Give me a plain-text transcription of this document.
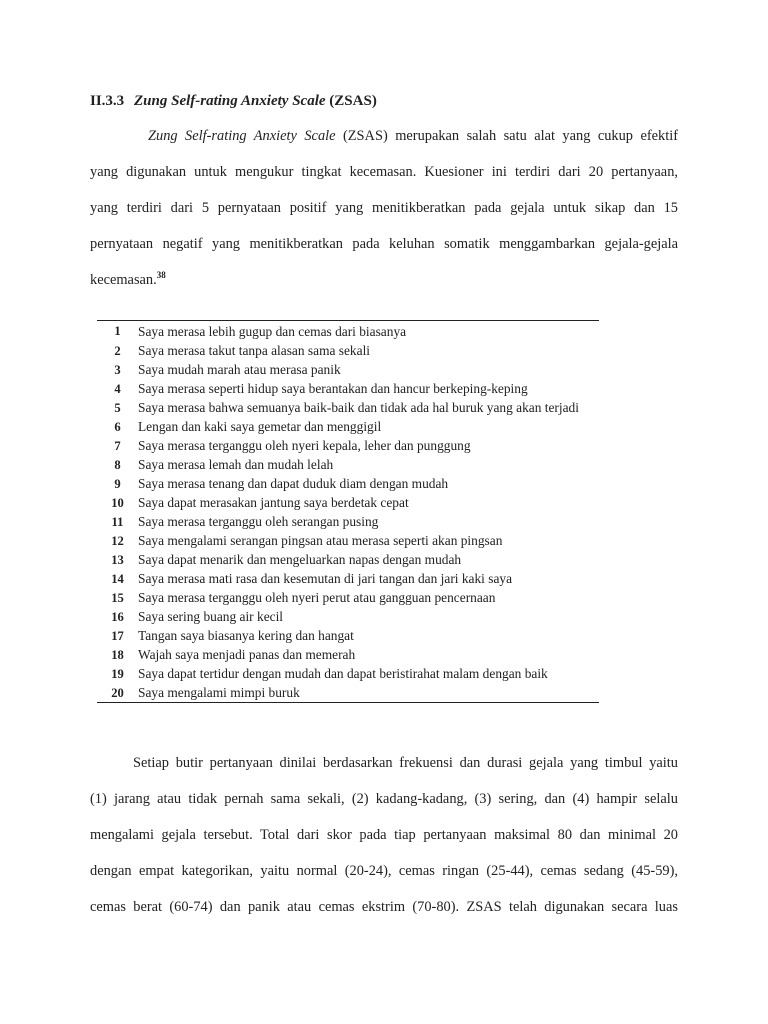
II.3.3 Zung Self-rating Anxiety Scale (ZSAS)
Zung Self-rating Anxiety Scale (ZSAS) merupakan salah satu alat yang cukup efektif
yang digunakan untuk mengukur tingkat kecemasan. Kuesioner ini terdiri dari 20 pertanyaan,
yang terdiri dari 5 pernyataan positif yang menitikberatkan pada gejala untuk sikap dan 15
pernyataan negatif yang menitikberatkan pada keluhan somatik menggambarkan gejala-gejala
kecemasan.$^{38}$
1	Saya merasa lebih gugup dan cemas dari biasanya
2	Saya merasa takut tanpa alasan sama sekali
3	Saya mudah marah atau merasa panik
4	Saya merasa seperti hidup saya berantakan dan hancur berkeping-keping
5	Saya merasa bahwa semuanya baik-baik dan tidak ada hal buruk yang akan terjadi
6	Lengan dan kaki saya gemetar dan menggigil
7	Saya merasa terganggu oleh nyeri kepala, leher dan punggung
8	Saya merasa lemah dan mudah lelah
9	Saya merasa tenang dan dapat duduk diam dengan mudah
10	Saya dapat merasakan jantung saya berdetak cepat
11	Saya merasa terganggu oleh serangan pusing
12	Saya mengalami serangan pingsan atau merasa seperti akan pingsan
13	Saya dapat menarik dan mengeluarkan napas dengan mudah
14	Saya merasa mati rasa dan kesemutan di jari tangan dan jari kaki saya
15	Saya merasa terganggu oleh nyeri perut atau gangguan pencernaan
16	Saya sering buang air kecil
17	Tangan saya biasanya kering dan hangat
18	Wajah saya menjadi panas dan memerah
19	Saya dapat tertidur dengan mudah dan dapat beristirahat malam dengan baik
20	Saya mengalami mimpi buruk
Setiap butir pertanyaan dinilai berdasarkan frekuensi dan durasi gejala yang timbul yaitu
(1) jarang atau tidak pernah sama sekali, (2) kadang-kadang, (3) sering, dan (4) hampir selalu
mengalami gejala tersebut. Total dari skor pada tiap pertanyaan maksimal 80 dan minimal 20
dengan empat kategorikan, yaitu normal (20-24), cemas ringan (25-44), cemas sedang (45-59),
cemas berat (60-74) dan panik atau cemas ekstrim (70-80). ZSAS telah digunakan secara luas
